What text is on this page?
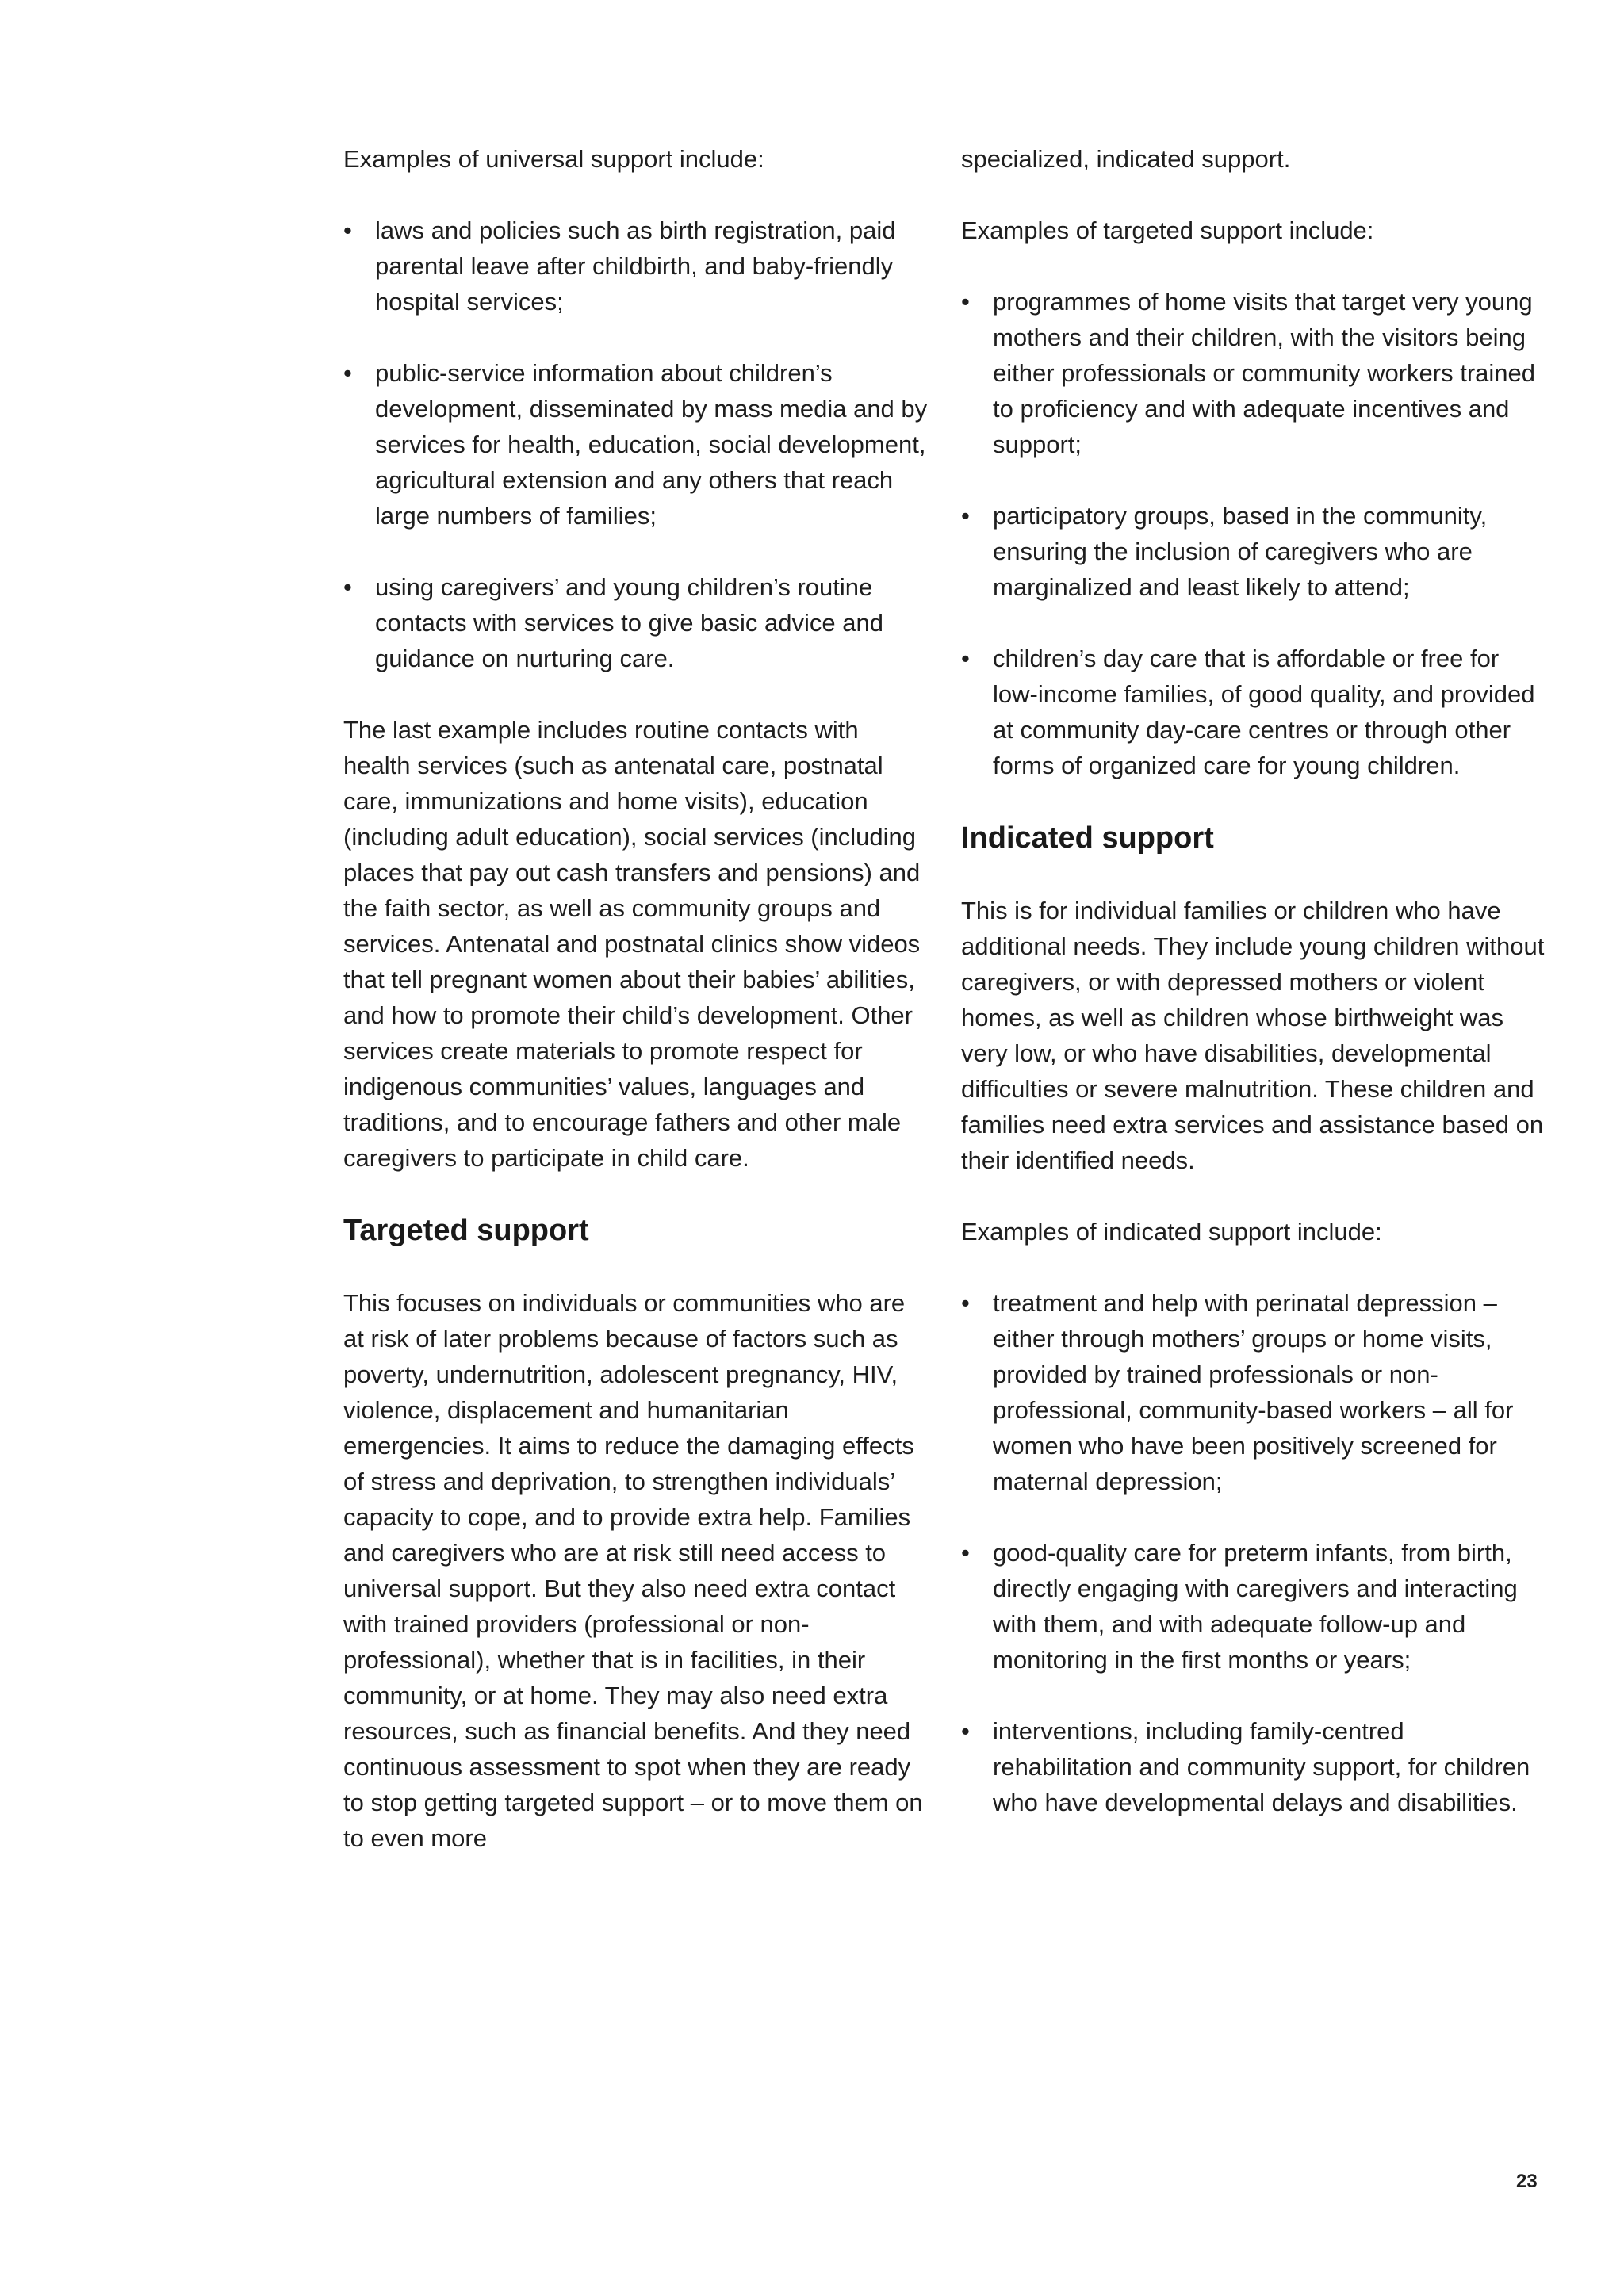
Examples of universal support include:

• laws and policies such as birth registration, paid parental leave after childbirth, and baby-friendly hospital services;
• public-service information about children’s development, disseminated by mass media and by services for health, education, social development, agricultural extension and any others that reach large numbers of families;
• using caregivers’ and young children’s routine contacts with services to give basic advice and guidance on nurturing care.

The last example includes routine contacts with health services (such as antenatal care, postnatal care, immunizations and home visits), education (including adult education), social services (including places that pay out cash transfers and pensions) and the faith sector, as well as community groups and services. Antenatal and postnatal clinics show videos that tell pregnant women about their babies’ abilities, and how to promote their child’s development. Other services create materials to promote respect for indigenous communities’ values, languages and traditions, and to encourage fathers and other male caregivers to participate in child care.

Targeted support

This focuses on individuals or communities who are at risk of later problems because of factors such as poverty, undernutrition, adolescent pregnancy, HIV, violence, displacement and humanitarian emergencies. It aims to reduce the damaging effects of stress and deprivation, to strengthen individuals’ capacity to cope, and to provide extra help. Families and caregivers who are at risk still need access to universal support. But they also need extra contact with trained providers (professional or non-professional), whether that is in facilities, in their community, or at home. They may also need extra resources, such as financial benefits. And they need continuous assessment to spot when they are ready to stop getting targeted support – or to move them on to even more

specialized, indicated support.

Examples of targeted support include:

• programmes of home visits that target very young mothers and their children, with the visitors being either professionals or community workers trained to proficiency and with adequate incentives and support;
• participatory groups, based in the community, ensuring the inclusion of caregivers who are marginalized and least likely to attend;
• children’s day care that is affordable or free for low-income families, of good quality, and provided at community day-care centres or through other forms of organized care for young children.
Indicated support

This is for individual families or children who have additional needs. They include young children without caregivers, or with depressed mothers or violent homes, as well as children whose birthweight was very low, or who have disabilities, developmental difficulties or severe malnutrition. These children and families need extra services and assistance based on their identified needs.

Examples of indicated support include:

• treatment and help with perinatal depression – either through mothers’ groups or home visits, provided by trained professionals or non-professional, community-based workers – all for women who have been positively screened for maternal depression;
• good-quality care for preterm infants, from birth, directly engaging with caregivers and interacting with them, and with adequate follow-up and monitoring in the first months or years;
• interventions, including family-centred rehabilitation and community support, for children who have developmental delays and disabilities.
23
